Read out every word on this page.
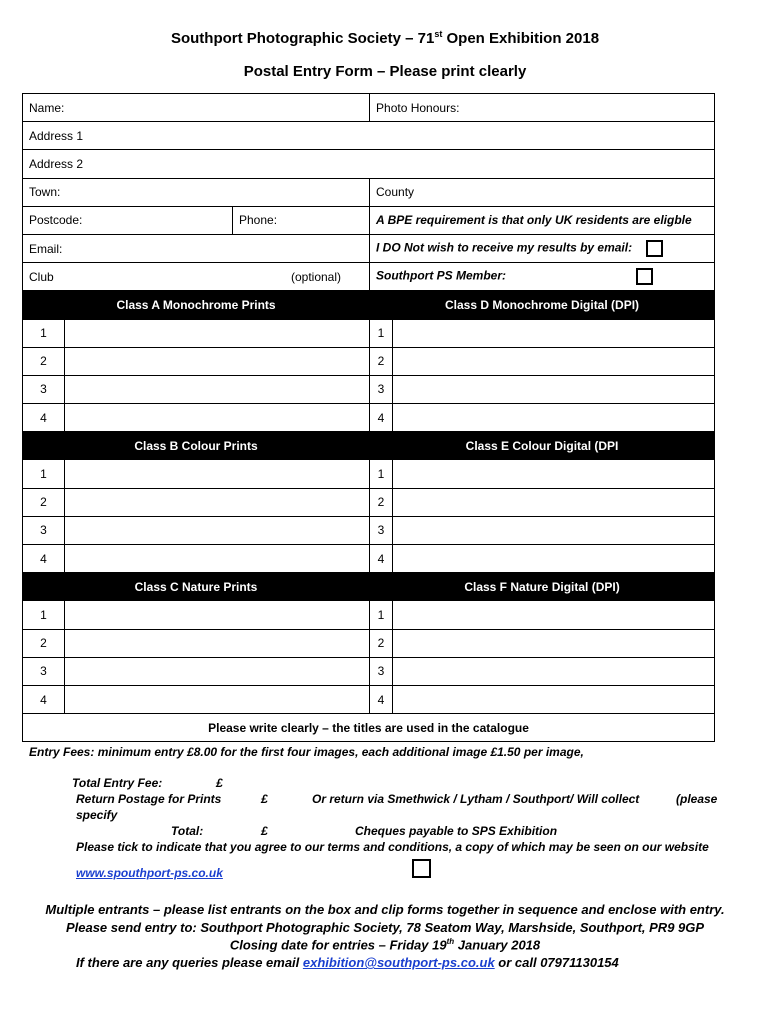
Southport Photographic Society – 71st Open Exhibition 2018
Postal Entry Form – Please print clearly
Name:			Photo Honours:	
Address 1				
Address 2				
Town:			County	
Postcode:		Phone:	A BPE requirement is that only UK residents are eligble	
Email:			I DO Not wish to receive my results by email:	
Club (optional)			Southport PS Member:	
Class A Monochrome Prints			Class D Monochrome Digital (DPI)	
1			1	
2			2	
3			3	
4			4	
Class B Colour Prints			Class E Colour Digital (DPI	
1			1	
2			2	
3			3	
4			4	
Class C Nature Prints			Class F Nature Digital (DPI)	
1			1	
2			2	
3			3	
4			4	
Please write clearly – the titles are used in the catalogue				
Entry Fees: minimum entry £8.00 for the first four images, each additional image £1.50 per image,
Total Entry Fee:	£
Return Postage for Prints	£	Or return via Smethwick / Lytham / Southport/ Will collect	(please
specify
Total:	£	Cheques payable to SPS Exhibition
Please tick to indicate that you agree to our terms and conditions, a copy of which may be seen on our website
www.spouthport-ps.co.uk
Multiple entrants – please list entrants on the box and clip forms together in sequence and enclose with entry.
Please send entry to: Southport Photographic Society, 78 Seatom Way, Marshside, Southport, PR9 9GP
Closing date for entries – Friday 19th January 2018
If there are any queries please email exhibition@southport-ps.co.uk or call 07971130154
